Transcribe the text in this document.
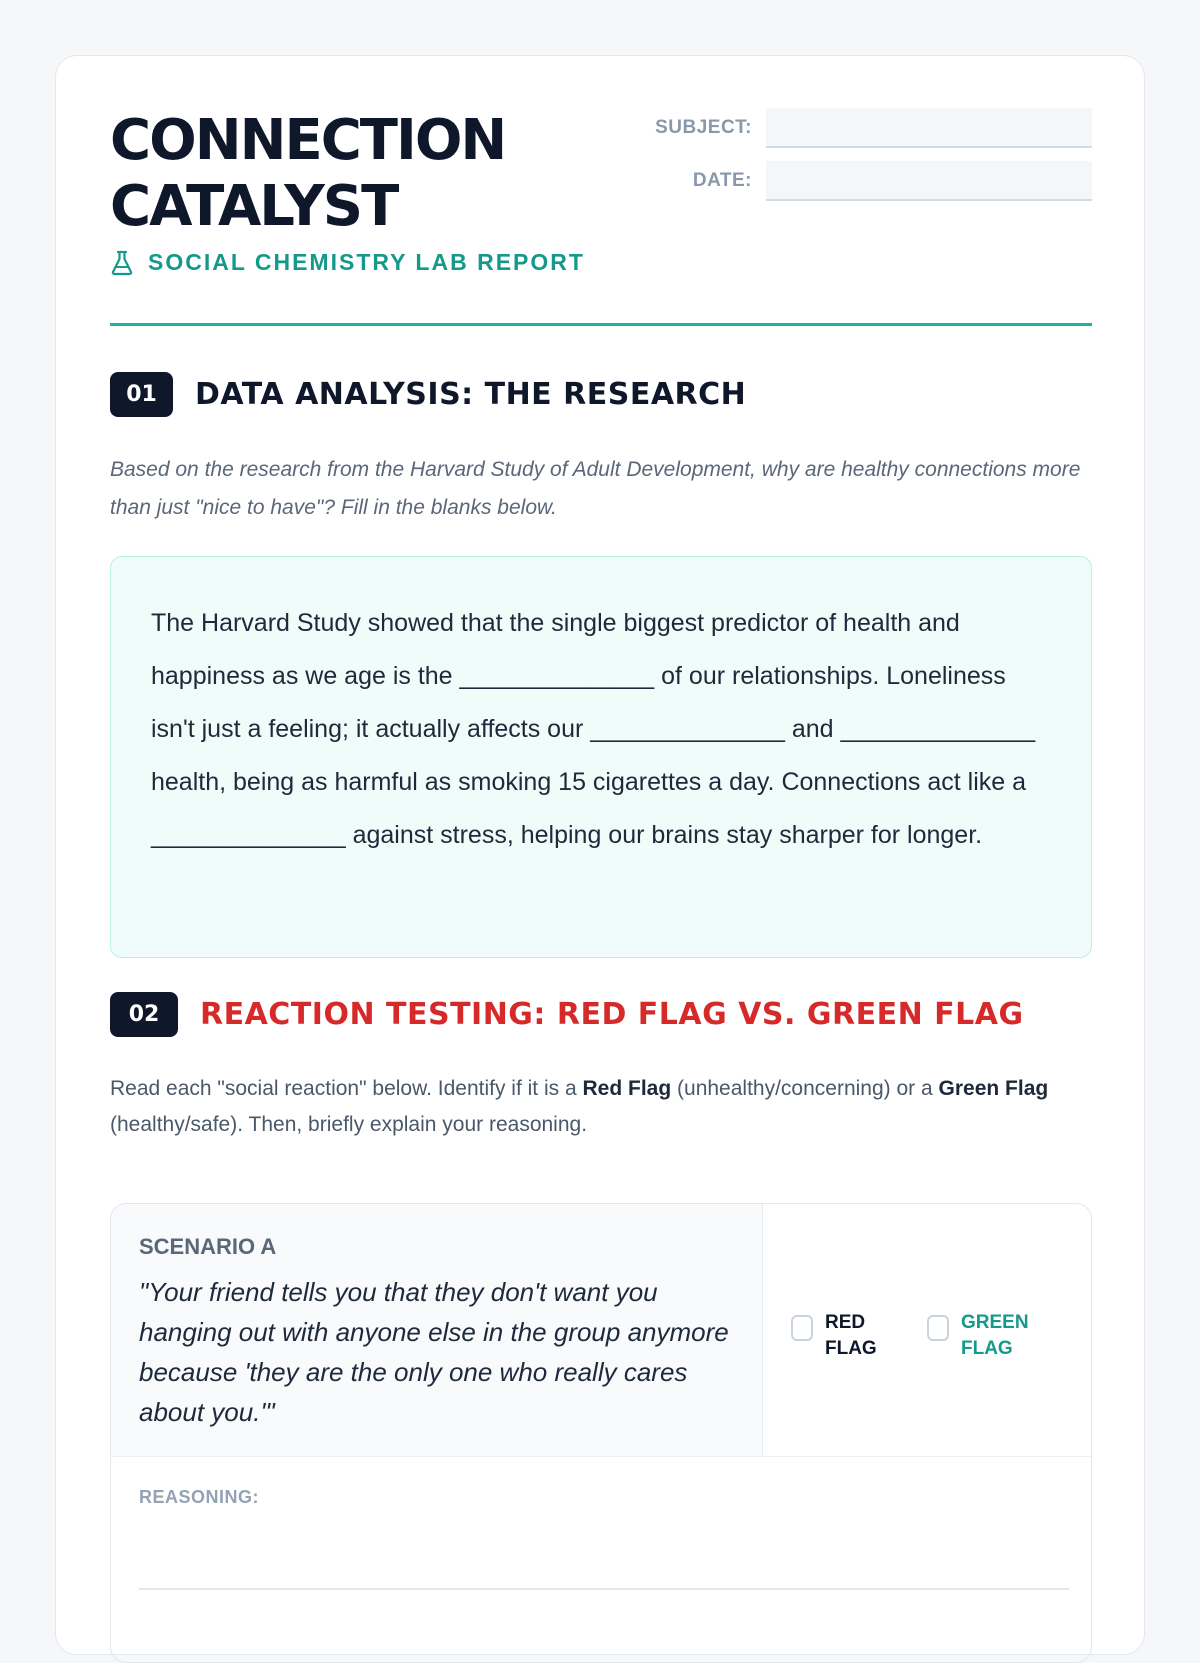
CONNECTION
CATALYST
SOCIAL CHEMISTRY LAB REPORT
SUBJECT:
DATE:
01	DATA ANALYSIS: THE RESEARCH

Based on the research from the Harvard Study of Adult Development, why are healthy connections more than just "nice to have"? Fill in the blanks below.

The Harvard Study showed that the single biggest predictor of health and happiness as we age is the ______________ of our relationships. Loneliness isn't just a feeling; it actually affects our ______________ and ______________ health, being as harmful as smoking 15 cigarettes a day. Connections act like a ______________ against stress, helping our brains stay sharper for longer.

02	REACTION TESTING: RED FLAG VS. GREEN FLAG

Read each "social reaction" below. Identify if it is a Red Flag (unhealthy/concerning) or a Green Flag (healthy/safe). Then, briefly explain your reasoning.

SCENARIO A

"Your friend tells you that they don't want you hanging out with anyone else in the group anymore because 'they are the only one who really cares about you.'"

RED
FLAG
GREEN
FLAG
REASONING:
